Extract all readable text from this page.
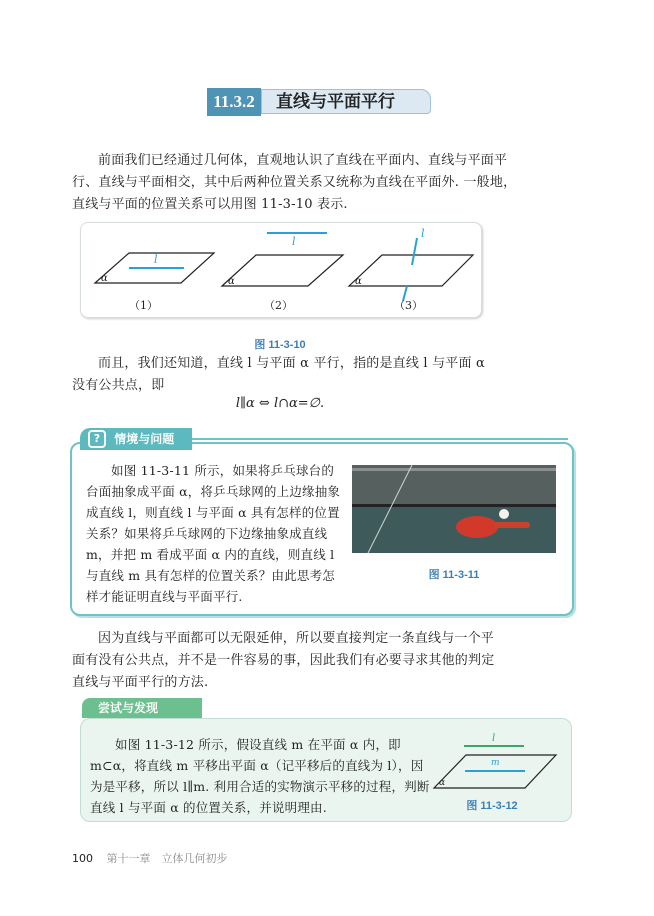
11.3.2	直线与平面平行
前面我们已经通过几何体，直观地认识了直线在平面内、直线与平面平行、直线与平面相交，其中后两种位置关系又统称为直线在平面外. 一般地，直线与平面的位置关系可以用图 11-3-10 表示.
l
α
（1）
l
α
（2）
l
α
（3）
图 11-3-10
而且，我们还知道，直线 l 与平面 α 平行，指的是直线 l 与平面 α 没有公共点，即
l∥α ⇔ l∩α=∅.
? 情境与问题
如图 11-3-11 所示，如果将乒乓球台的台面抽象成平面 α，将乒乓球网的上边缘抽象成直线 l，则直线 l 与平面 α 具有怎样的位置关系？如果将乒乓球网的下边缘抽象成直线 m，并把 m 看成平面 α 内的直线，则直线 l 与直线 m 具有怎样的位置关系？由此思考怎样才能证明直线与平面平行.
图 11-3-11
因为直线与平面都可以无限延伸，所以要直接判定一条直线与一个平面有没有公共点，并不是一件容易的事，因此我们有必要寻求其他的判定直线与平面平行的方法.
尝试与发现
如图 11-3-12 所示，假设直线 m 在平面 α 内，即 m⊂α，将直线 m 平移出平面 α（记平移后的直线为 l），因为是平移，所以 l∥m. 利用合适的实物演示平移的过程，判断直线 l 与平面 α 的位置关系，并说明理由.
l
m
α
图 11-3-12
100 第十一章　立体几何初步
